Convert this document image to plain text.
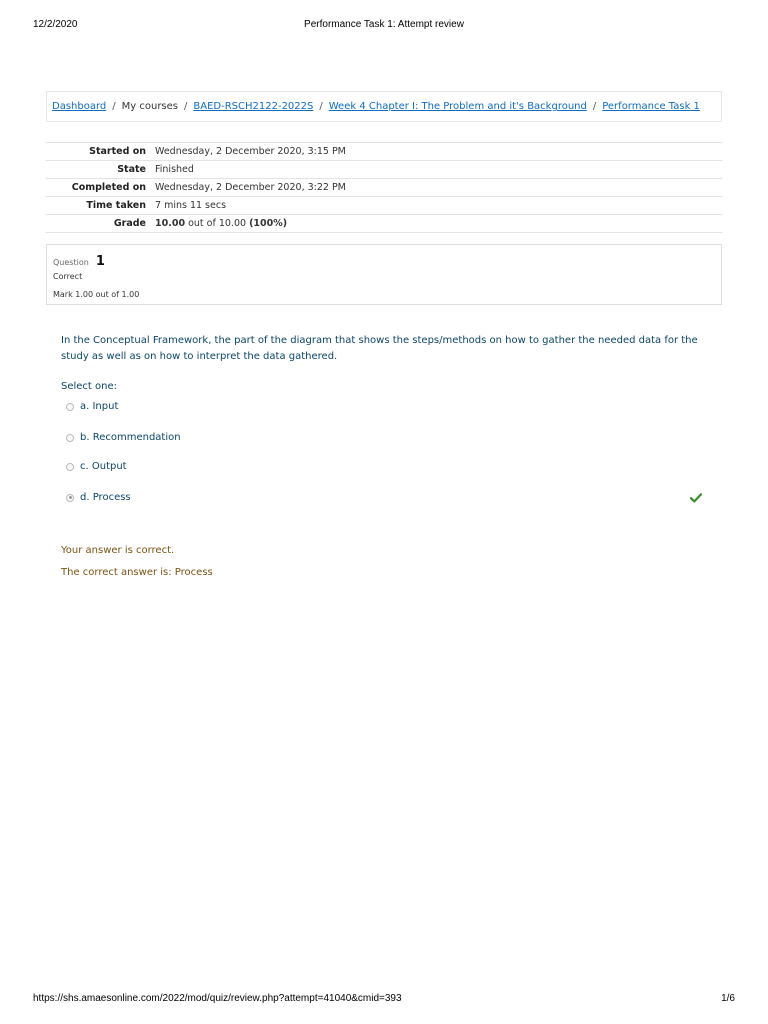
12/2/2020	Performance Task 1: Attempt review
Dashboard / My courses / BAED-RSCH2122-2022S / Week 4 Chapter I: The Problem and it's Background / Performance Task 1
Started on	Wednesday, 2 December 2020, 3:15 PM
State	Finished
Completed on	Wednesday, 2 December 2020, 3:22 PM
Time taken	7 mins 11 secs
Grade	10.00 out of 10.00 (100%)
Question 1
Correct
Mark 1.00 out of 1.00
In the Conceptual Framework, the part of the diagram that shows the steps/methods on how to gather the needed data for the study as well as on how to interpret the data gathered.
Select one:
a. Input
b. Recommendation
c. Output
d. Process
Your answer is correct.
The correct answer is: Process
https://shs.amaesonline.com/2022/mod/quiz/review.php?attempt=41040&cmid=393	1/6
